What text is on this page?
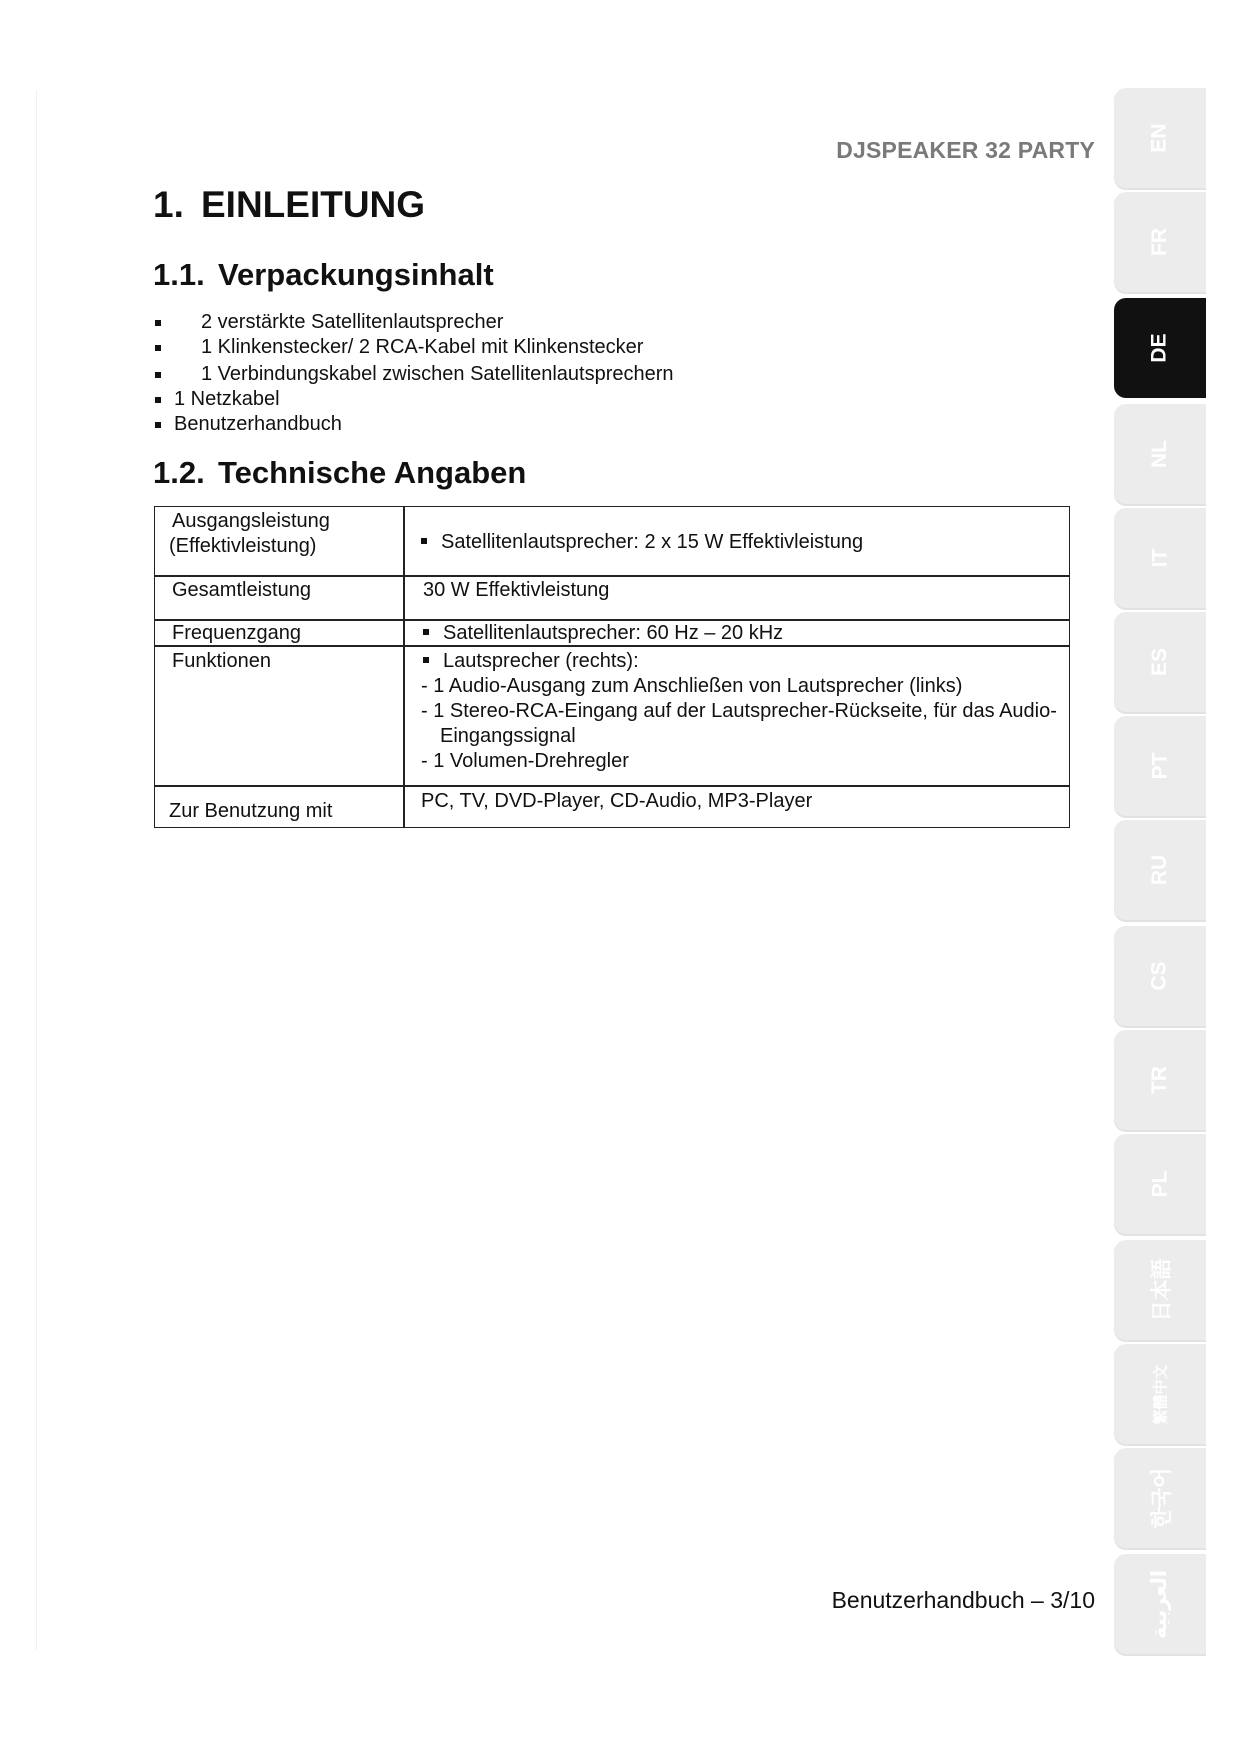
DJSPEAKER 32 PARTY
1. EINLEITUNG
1.1. Verpackungsinhalt
2 verstärkte Satellitenlautsprecher
1 Klinkenstecker/ 2 RCA-Kabel mit Klinkenstecker
1 Verbindungskabel zwischen Satellitenlautsprechern
1 Netzkabel
Benutzerhandbuch
1.2. Technische Angaben
Ausgangsleistung
(Effektivleistung)	Satellitenlautsprecher: 2 x 15 W Effektivleistung
Gesamtleistung	30 W Effektivleistung
Frequenzgang	Satellitenlautsprecher: 60 Hz – 20 kHz
Funktionen	Lautsprecher (rechts):
- 1 Audio-Ausgang zum Anschließen von Lautsprecher (links)
- 1 Stereo-RCA-Eingang auf der Lautsprecher-Rückseite, für das Audio-
Eingangssignal
- 1 Volumen-Drehregler
Zur Benutzung mit	PC, TV, DVD-Player, CD-Audio, MP3-Player
Benutzerhandbuch – 3/10
EN
FR
DE
NL
IT
ES
PT
RU
CS
TR
PL
日本語
繁體中文
한국어
العربية
